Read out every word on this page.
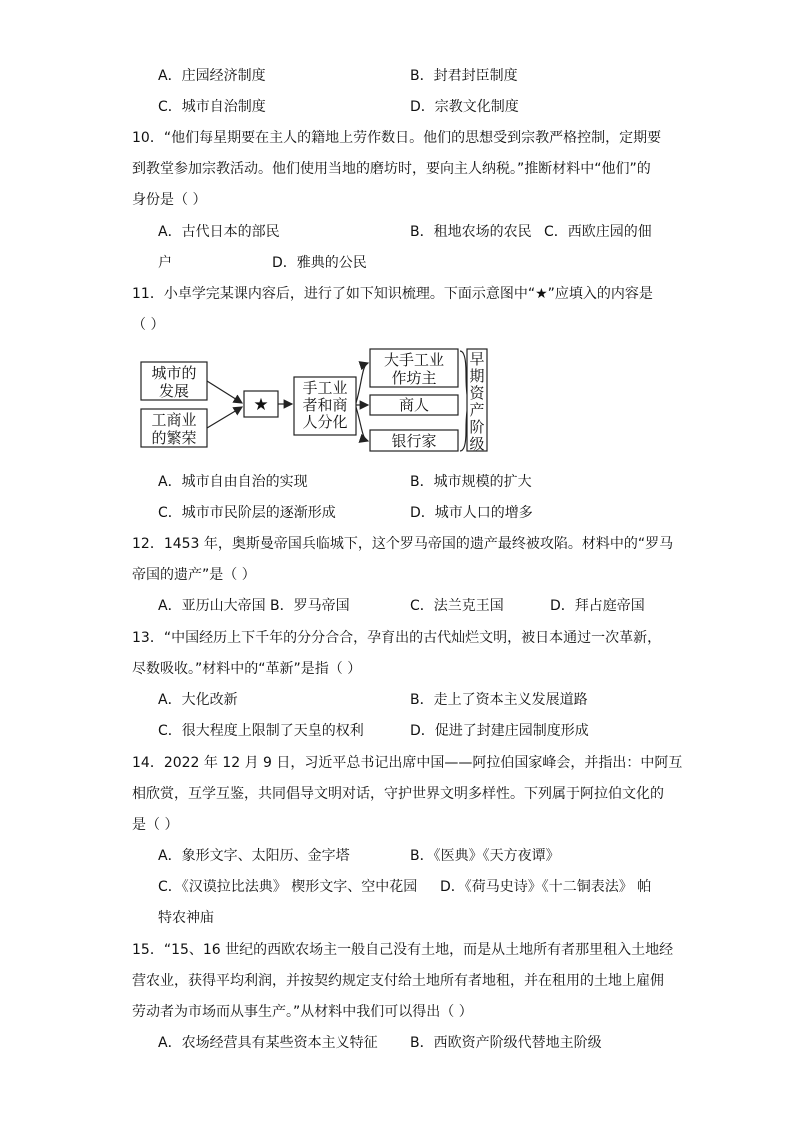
A．庄园经济制度	B．封君封臣制度
C．城市自治制度	D．宗教文化制度
10．“他们每星期要在主人的籍地上劳作数日。他们的思想受到宗教严格控制，定期要
到教堂参加宗教活动。他们使用当地的磨坊时，要向主人纳税。”推断材料中“他们”的
身份是（ ）
A．古代日本的部民	B．租地农场的农民 C．西欧庄园的佃
户	D．雅典的公民
11．小卓学完某课内容后，进行了如下知识梳理。下面示意图中“★”应填入的内容是
（ ）
城市的
发展
工商业
的繁荣
★
手工业
者和商
人分化
大手工业
作坊主
商人
银行家
早
期
资
产
阶
级
A．城市自由自治的实现	B．城市规模的扩大
C．城市市民阶层的逐渐形成	D．城市人口的增多
12．1453 年，奥斯曼帝国兵临城下，这个罗马帝国的遗产最终被攻陷。材料中的“罗马
帝国的遗产”是（ ）
A．亚历山大帝国 B．罗马帝国	C．法兰克王国	D．拜占庭帝国
13．“中国经历上下千年的分分合合，孕育出的古代灿烂文明，被日本通过一次革新，
尽数吸收。”材料中的“革新”是指（ ）
A．大化改新	B．走上了资本主义发展道路
C．很大程度上限制了天皇的权利	D．促进了封建庄园制度形成
14．2022 年 12 月 9 日，习近平总书记出席中国——阿拉伯国家峰会，并指出：中阿互
相欣赏，互学互鉴，共同倡导文明对话，守护世界文明多样性。下列属于阿拉伯文化的
是（ ）
A．象形文字、太阳历、金字塔	B．《医典》《天方夜谭》
C．《汉谟拉比法典》 楔形文字、空中花园 D．《荷马史诗》《十二铜表法》 帕
特农神庙
15．“15、16 世纪的西欧农场主一般自己没有土地，而是从土地所有者那里租入土地经
营农业，获得平均利润，并按契约规定支付给土地所有者地租，并在租用的土地上雇佣
劳动者为市场而从事生产。”从材料中我们可以得出（ ）
A．农场经营具有某些资本主义特征 B．西欧资产阶级代替地主阶级
